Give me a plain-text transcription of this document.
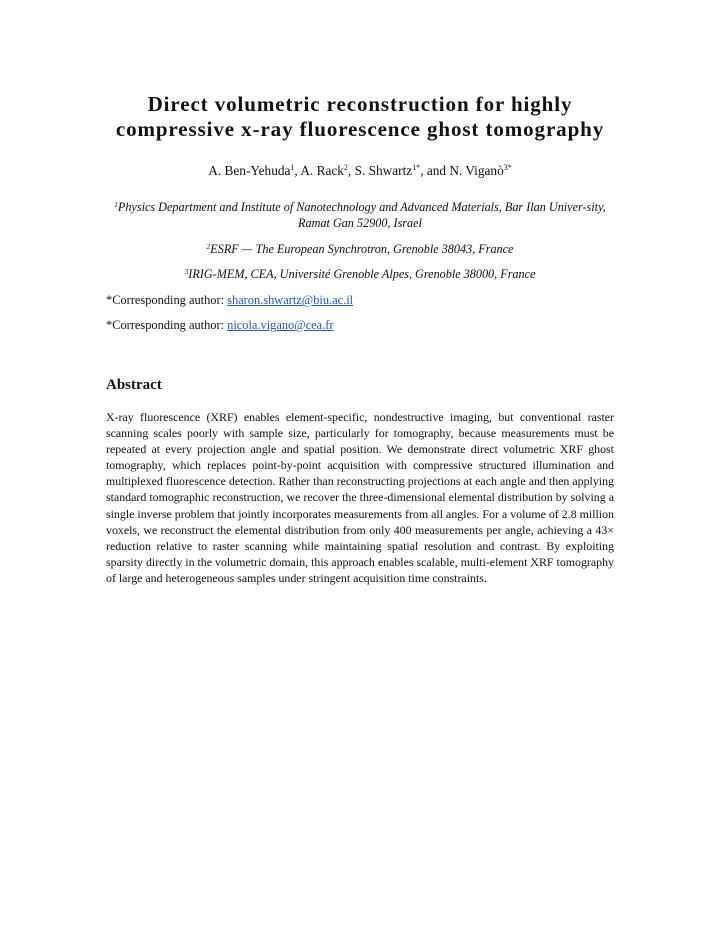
Direct volumetric reconstruction for highly
compressive x-ray fluorescence ghost tomography
A. Ben-Yehuda$^1$, A. Rack$^2$, S. Shwartz$^{1*}$, and N. Viganò$^{3*}$
$^1$Physics Department and Institute of Nanotechnology and Advanced Materials, Bar Ilan Univer-sity, Ramat Gan 52900, Israel
$^2$ESRF — The European Synchrotron, Grenoble 38043, France
$^3$IRIG-MEM, CEA, Université Grenoble Alpes, Grenoble 38000, France
*Corresponding author: sharon.shwartz@biu.ac.il
*Corresponding author: nicola.vigano@cea.fr
Abstract

X-ray fluorescence (XRF) enables element-specific, nondestructive imaging, but conventional raster scanning scales poorly with sample size, particularly for tomography, because measurements must be repeated at every projection angle and spatial position. We demonstrate direct volumetric XRF ghost tomography, which replaces point-by-point acquisition with compressive structured illumination and multiplexed fluorescence detection. Rather than reconstructing projections at each angle and then applying standard tomographic reconstruction, we recover the three-dimensional elemental distribution by solving a single inverse problem that jointly incorporates measurements from all angles. For a volume of 2.8 million voxels, we reconstruct the elemental distribution from only 400 measurements per angle, achieving a 43× reduction relative to raster scanning while maintaining spatial resolution and contrast. By exploiting sparsity directly in the volumetric domain, this approach enables scalable, multi-element XRF tomography of large and heterogeneous samples under stringent acquisition time constraints.
